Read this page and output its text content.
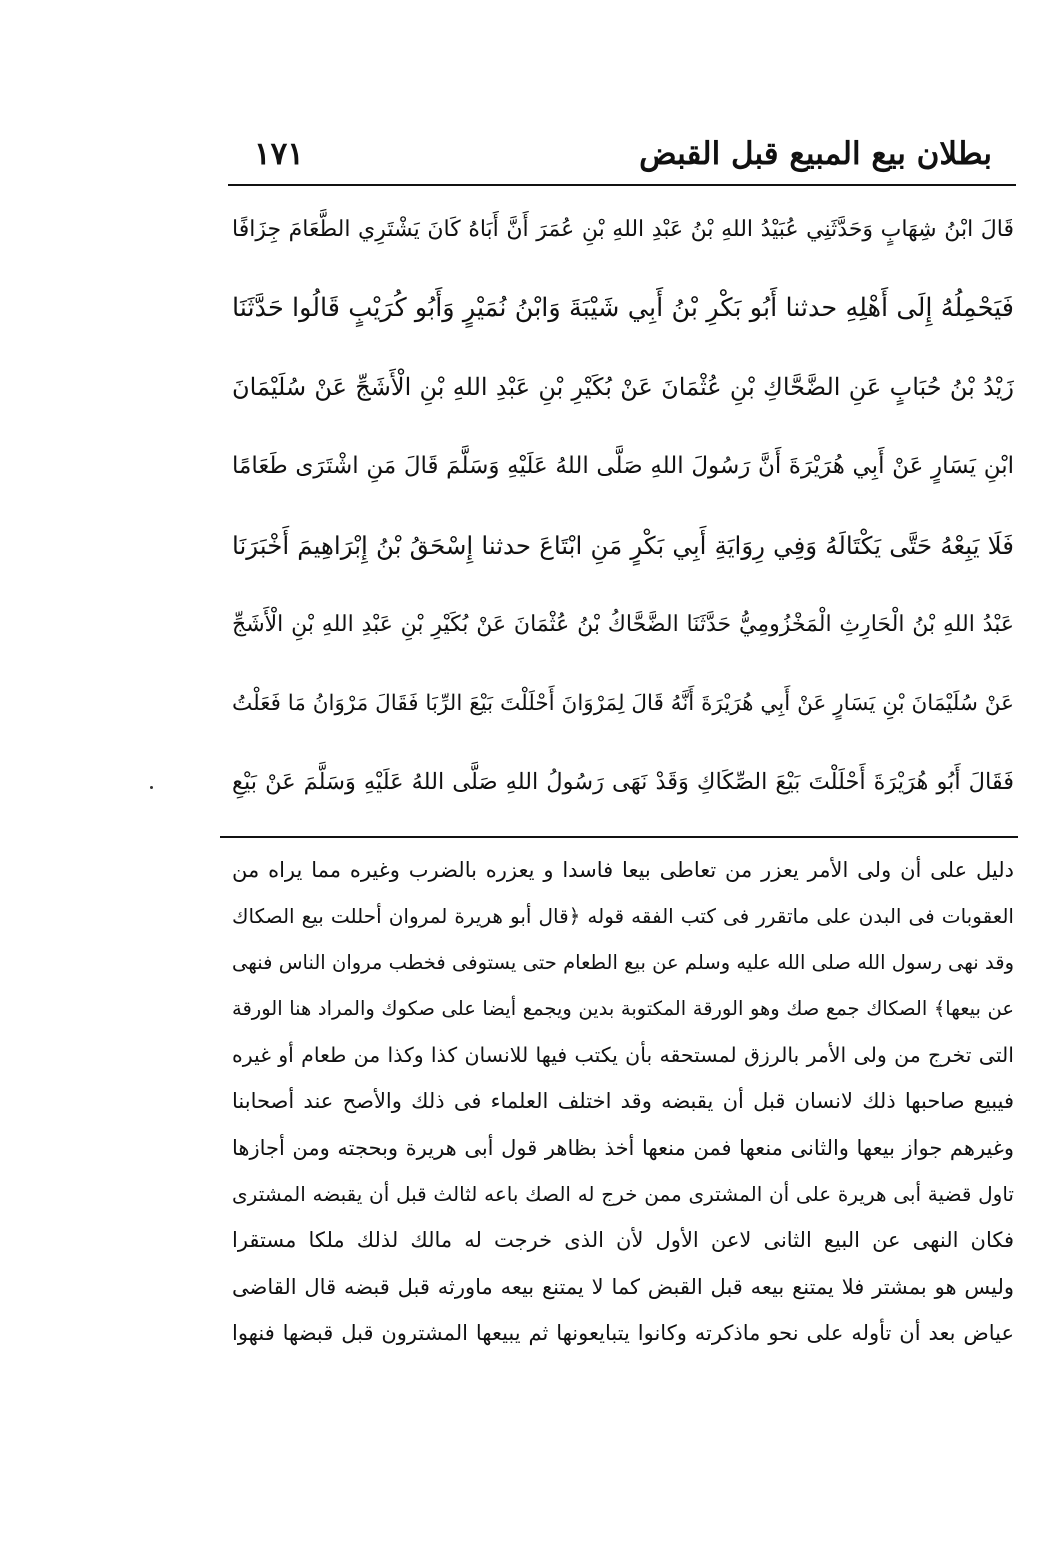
بطلان بيع المبيع قبل القبض
١٧١
قَالَ ابْنُ شِهَابٍ وَحَدَّثَنِي عُبَيْدُ اللهِ بْنُ عَبْدِ اللهِ بْنِ عُمَرَ أَنَّ أَبَاهُ كَانَ يَشْتَرِي الطَّعَامَ جِزَافًا
فَيَحْمِلُهُ إِلَى أَهْلِهِ حدثنا أَبُو بَكْرِ بْنُ أَبِي شَيْبَةَ وَابْنُ نُمَيْرٍ وَأَبُو كُرَيْبٍ قَالُوا حَدَّثَنَا
زَيْدُ بْنُ حُبَابٍ عَنِ الضَّحَّاكِ بْنِ عُثْمَانَ عَنْ بُكَيْرِ بْنِ عَبْدِ اللهِ بْنِ الْأَشَجِّ عَنْ سُلَيْمَانَ
ابْنِ يَسَارٍ عَنْ أَبِي هُرَيْرَةَ أَنَّ رَسُولَ اللهِ صَلَّى اللهُ عَلَيْهِ وَسَلَّمَ قَالَ مَنِ اشْتَرَى طَعَامًا
فَلَا يَبِعْهُ حَتَّى يَكْتَالَهُ وَفِي رِوَايَةِ أَبِي بَكْرٍ مَنِ ابْتَاعَ حدثنا إِسْحَقُ بْنُ إِبْرَاهِيمَ أَخْبَرَنَا
عَبْدُ اللهِ بْنُ الْحَارِثِ الْمَخْزُومِيُّ حَدَّثَنَا الضَّحَّاكُ بْنُ عُثْمَانَ عَنْ بُكَيْرِ بْنِ عَبْدِ اللهِ بْنِ الْأَشَجِّ
عَنْ سُلَيْمَانَ بْنِ يَسَارٍ عَنْ أَبِي هُرَيْرَةَ أَنَّهُ قَالَ لِمَرْوَانَ أَحْلَلْتَ بَيْعَ الرِّبَا فَقَالَ مَرْوَانُ مَا فَعَلْتُ
فَقَالَ أَبُو هُرَيْرَةَ أَحْلَلْتَ بَيْعَ الصِّكَاكِ وَقَدْ نَهَى رَسُولُ اللهِ صَلَّى اللهُ عَلَيْهِ وَسَلَّمَ عَنْ بَيْعِ
دليل على أن ولى الأمر يعزر من تعاطى بيعا فاسدا و يعزره بالضرب وغيره مما يراه من
العقوبات فى البدن على ماتقرر فى كتب الفقه قوله ﴿قال أبو هريرة لمروان أحللت بيع الصكاك
وقد نهى رسول الله صلى الله عليه وسلم عن بيع الطعام حتى يستوفى فخطب مروان الناس فنهى
عن بيعها﴾ الصكاك جمع صك وهو الورقة المكتوبة بدين ويجمع أيضا على صكوك والمراد هنا الورقة
التى تخرج من ولى الأمر بالرزق لمستحقه بأن يكتب فيها للانسان كذا وكذا من طعام أو غيره
فيبيع صاحبها ذلك لانسان قبل أن يقبضه وقد اختلف العلماء فى ذلك والأصح عند أصحابنا
وغيرهم جواز بيعها والثانى منعها فمن منعها أخذ بظاهر قول أبى هريرة وبحجته ومن أجازها
تاول قضية أبى هريرة على أن المشترى ممن خرج له الصك باعه لثالث قبل أن يقبضه المشترى
فكان النهى عن البيع الثانى لاعن الأول لأن الذى خرجت له مالك لذلك ملكا مستقرا
وليس هو بمشتر فلا يمتنع بيعه قبل القبض كما لا يمتنع بيعه ماورثه قبل قبضه قال القاضى
عياض بعد أن تأوله على نحو ماذكرته وكانوا يتبايعونها ثم يبيعها المشترون قبل قبضها فنهوا
